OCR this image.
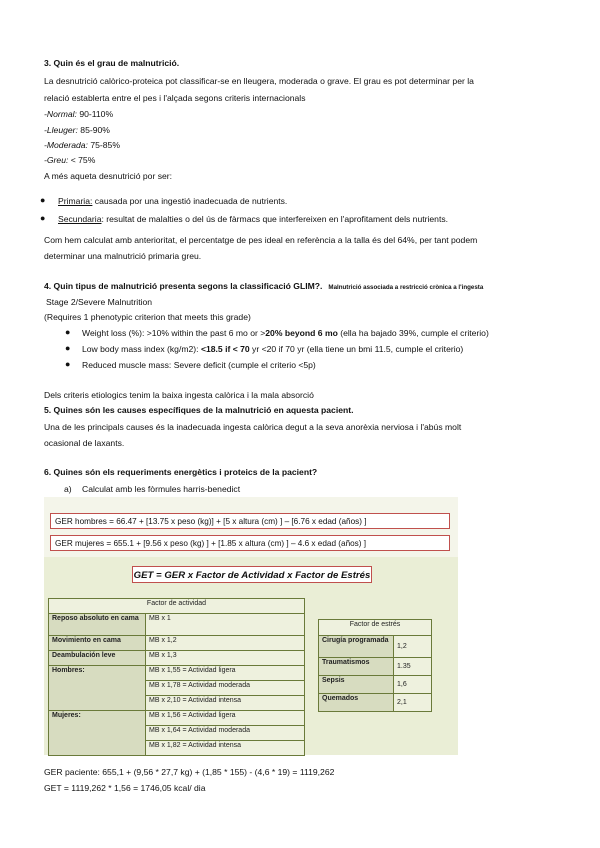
3. Quin és el grau de malnutrició.
La desnutrició calòrico-proteica pot classificar-se en lleugera, moderada o grave. El grau es pot determinar per la
relació establerta entre el pes i l'alçada segons criteris internacionals
-Normal: 90-110%
-Lleuger: 85-90%
-Moderada: 75-85%
-Greu: < 75%
A més aqueta desnutrició por ser:
● Primaria: causada por una ingestió inadecuada de nutrients.
● Secundaria: resultat de malalties o del ús de fàrmacs que interfereixen en l'aprofitament dels nutrients.
Com hem calculat amb anterioritat, el percentatge de pes ideal en referència a la talla és del 64%, per tant podem
determinar una malnutrició primaria greu.
4. Quin tipus de malnutrició presenta segons la classificació GLIM?. Malnutrició associada a restricció crònica a l'ingesta
Stage 2/Severe Malnutrition
(Requires 1 phenotypic criterion that meets this grade)
● Weight loss (%): >10% within the past 6 mo or >20% beyond 6 mo (ella ha bajado 39%, cumple el criterio)
● Low body mass index (kg/m2): <18.5 if < 70 yr <20 if 70 yr (ella tiene un bmi 11.5, cumple el criterio)
● Reduced muscle mass: Severe deficit (cumple el criterio <5p)
Dels criteris etiologics tenim la baixa ingesta calòrica i la mala absorció
5. Quines són les causes específiques de la malnutrició en aquesta pacient.
Una de les principals causes és la inadecuada ingesta calòrica degut a la seva anorèxia nerviosa i l'abús molt
ocasional de laxants.
6. Quines són els requeriments energètics i proteics de la pacient?
a) Calculat amb les fòrmules harris-benedict
GER hombres = 66.47 + [13.75 x peso (kg)] + [5 x altura (cm) ] – [6.76 x edad (años) ]
GER mujeres = 655.1 + [9.56 x peso (kg) ] + [1.85 x altura (cm) ] – 4.6 x edad (años) ]
GET = GER x Factor de Actividad x Factor de Estrés
Factor de actividad	
Reposo absoluto en cama	MB x 1
Movimiento en cama	MB x 1,2
Deambulación leve	MB x 1,3
Hombres:	MB x 1,55 = Actividad ligera
	MB x 1,78 = Actividad moderada
	MB x 2,10 = Actividad intensa
Mujeres:	MB x 1,56 = Actividad ligera
	MB x 1,64 = Actividad moderada
	MB x 1,82 = Actividad intensa
Factor de estrés	
Cirugía programada	1,2
Traumatismos	1.35
Sepsis	1,6
Quemados	2,1
GER paciente: 655,1 + (9,56 * 27,7 kg) + (1,85 * 155) - (4,6 * 19) = 1119,262
GET = 1119,262 * 1,56 = 1746,05 kcal/ dia
